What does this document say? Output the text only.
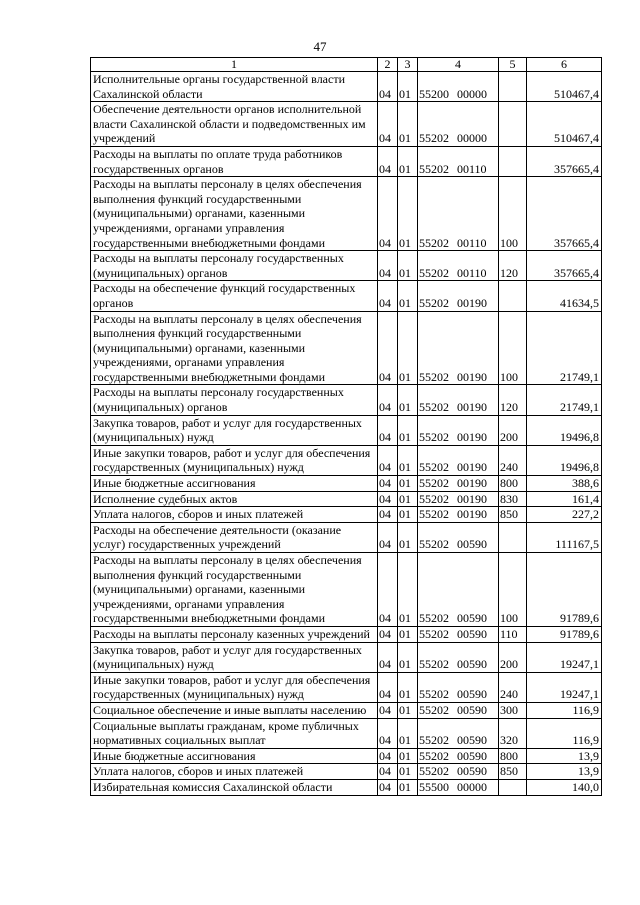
47
1	2	3	4	5	6
Исполнительные органы государственной власти Сахалинской области	04	01	55200 00000		510467,4
Обеспечение деятельности органов исполнительной власти Сахалинской области и подведомственных им учреждений	04	01	55202 00000		510467,4
Расходы на выплаты по оплате труда работников государственных органов	04	01	55202 00110		357665,4
Расходы на выплаты персоналу в целях обеспечения выполнения функций государственными (муниципальными) органами, казенными учреждениями, органами управления государственными внебюджетными фондами	04	01	55202 00110	100	357665,4
Расходы на выплаты персоналу государственных (муниципальных) органов	04	01	55202 00110	120	357665,4
Расходы на обеспечение функций государственных органов	04	01	55202 00190		41634,5
Расходы на выплаты персоналу в целях обеспечения выполнения функций государственными (муниципальными) органами, казенными учреждениями, органами управления государственными внебюджетными фондами	04	01	55202 00190	100	21749,1
Расходы на выплаты персоналу государственных (муниципальных) органов	04	01	55202 00190	120	21749,1
Закупка товаров, работ и услуг для государственных (муниципальных) нужд	04	01	55202 00190	200	19496,8
Иные закупки товаров, работ и услуг для обеспечения государственных (муниципальных) нужд	04	01	55202 00190	240	19496,8
Иные бюджетные ассигнования	04	01	55202 00190	800	388,6
Исполнение судебных актов	04	01	55202 00190	830	161,4
Уплата налогов, сборов и иных платежей	04	01	55202 00190	850	227,2
Расходы на обеспечение деятельности (оказание услуг) государственных учреждений	04	01	55202 00590		111167,5
Расходы на выплаты персоналу в целях обеспечения выполнения функций государственными (муниципальными) органами, казенными учреждениями, органами управления государственными внебюджетными фондами	04	01	55202 00590	100	91789,6
Расходы на выплаты персоналу казенных учреждений	04	01	55202 00590	110	91789,6
Закупка товаров, работ и услуг для государственных (муниципальных) нужд	04	01	55202 00590	200	19247,1
Иные закупки товаров, работ и услуг для обеспечения государственных (муниципальных) нужд	04	01	55202 00590	240	19247,1
Социальное обеспечение и иные выплаты населению	04	01	55202 00590	300	116,9
Социальные выплаты гражданам, кроме публичных нормативных социальных выплат	04	01	55202 00590	320	116,9
Иные бюджетные ассигнования	04	01	55202 00590	800	13,9
Уплата налогов, сборов и иных платежей	04	01	55202 00590	850	13,9
Избирательная комиссия Сахалинской области	04	01	55500 00000		140,0
